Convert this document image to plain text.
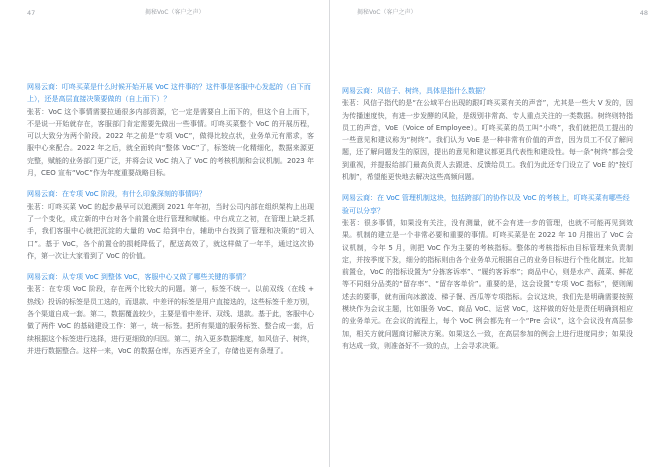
47	揭秘VoC（客户之声）

网易云商：叮咚买菜是什么时候开始开展 VoC 这件事的？这件事是客服中心发起的（自下而上），还是高层直接决策要做的（自上而下）？

张茗：VoC 这个事情需要拉通很多内部资源，它一定是需要自上而下的，但这个自上而下，不是说一开始就存在，客服部门肯定需要先做出一些事情。叮咚买菜整个 VoC 的开展历程，可以大致分为两个阶段。2022 年之前是“专项 VoC”，做得比较点状，业务单元有需求，客服中心来配合。2022 年之后，就全面转向“整体 VoC”了，标签统一化精细化，数据来源更完整，赋能的业务部门更广泛，并将会议 VoC 纳入了 VoC 的考核机制和会议机制。2023 年月，CEO 宣布“VoC”作为年度重要战略目标。

网易云商：在专项 VoC 阶段，有什么印象深刻的事情吗？

张茗：叮咚买菜 VoC 的起步最早可以追溯到 2021 年年初，当时公司内部在组织架构上出现了一个变化，成立新的中台对各个前置仓进行管理和赋能。中台成立之初，在管理上缺乏抓手，我们客服中心就把沉淀的大量的 VoC 给到中台，辅助中台找到了管理和决策的“切入口”。基于 VoC，各个前置仓的损耗降低了，配送高效了，就这样做了一年半，通过这次协作，第一次让大家看到了 VoC 的价值。

网易云商：从专项 VoC 到整体 VoC，客服中心又做了哪些关键的事情？

张茗：在专项 VoC 阶段，存在两个比较大的问题。第一，标签不统一。以前双线（在线 + 热线）投诉的标签是员工选的，而退款、中差评的标签是用户直接选的，这些标签千差万别，各个渠道自成一套。第二，数据覆盖较少，主要是看中差评、双线、退款。基于此，客服中心做了两件 VoC 的基础建设工作：第一，统一标签。把所有渠道的服务标签、整合成一套，后续根据这个标签进行选择，进行更细致的归因。第二，纳入更多数据维度，如风信子、树终，并进行数据整合。这样一来，VoC 的数据仓库，东西更齐全了，存储也更有条理了。

揭秘VoC（客户之声）	48

网易云商：风信子、树终，具体是指什么数据？

张茗：风信子指代的是“在公域平台出现的跟叮咚买菜有关的声音”，尤其是一些大 V 发的，因为传播速度快，有进一步发酵的风险，是级别非常高、专人重点关注的一类数据。树终则特指员工的声音，VoE（Voice of Employee）。叮咚买菜的员工叫“小咚”，我们就把员工提出的一些意见和建议称为“树终”。我们认为 VoE 是一种非常有价值的声音，因为员工不仅了解问题，还了解问题发生的原因，提出的意见和建议都更具代表性和建设性。每一条“树终”都会受到重视，并提报给部门最高负责人去跟进、反馈给员工。我们为此还专门设立了 VoE 的“按灯机制”，希望能更快地去解决这些高频问题。

网易云商：在 VoC 管理机制这块，包括跨部门的协作以及 VoC 的考核上，叮咚买菜有哪些经验可以分享？

张茗：很多事情，如果没有关注，没有测量，就不会有进一步的管理，也就不可能再见到效果。机制的建立是一个非常必要和重要的事情。叮咚买菜是在 2022 年 10 月推出了 VoC 会议机制，今年 5 月，则把 VoC 作为主要的考核指标。整体的考核指标由目标管理来负责制定，并按季度下发，细分的指标则由各个业务单元根据自己的业务目标进行个性化制定。比如前置仓，VoC 的指标设置为“分拣客诉率”、“履约客诉率”；商品中心，则是水产、蔬菜、鲜花等不同细分品类的“留存率”、“留存客单价”。重要的是，这会设置“专项 VoC 指标”，便则阐述去的要事，就有面向冰激凌、梯子餐、西瓜等专项指标。会议这块，我们先是明确需要按照模块作为会议主题，比如服务 VoC、商品 VoC、运营 VoC，这样做的好处是责任明确到相应的业务单元。在会议的流程上，每个 VoC 例会都先有一个“Pre 会议”，这个会议没有高层参加，相关方就问题商讨解决方案。如果这么一致，在高层参加的例会上进行进度同步；如果没有达成一致，则准备好不一致的点，上会寻求决策。
